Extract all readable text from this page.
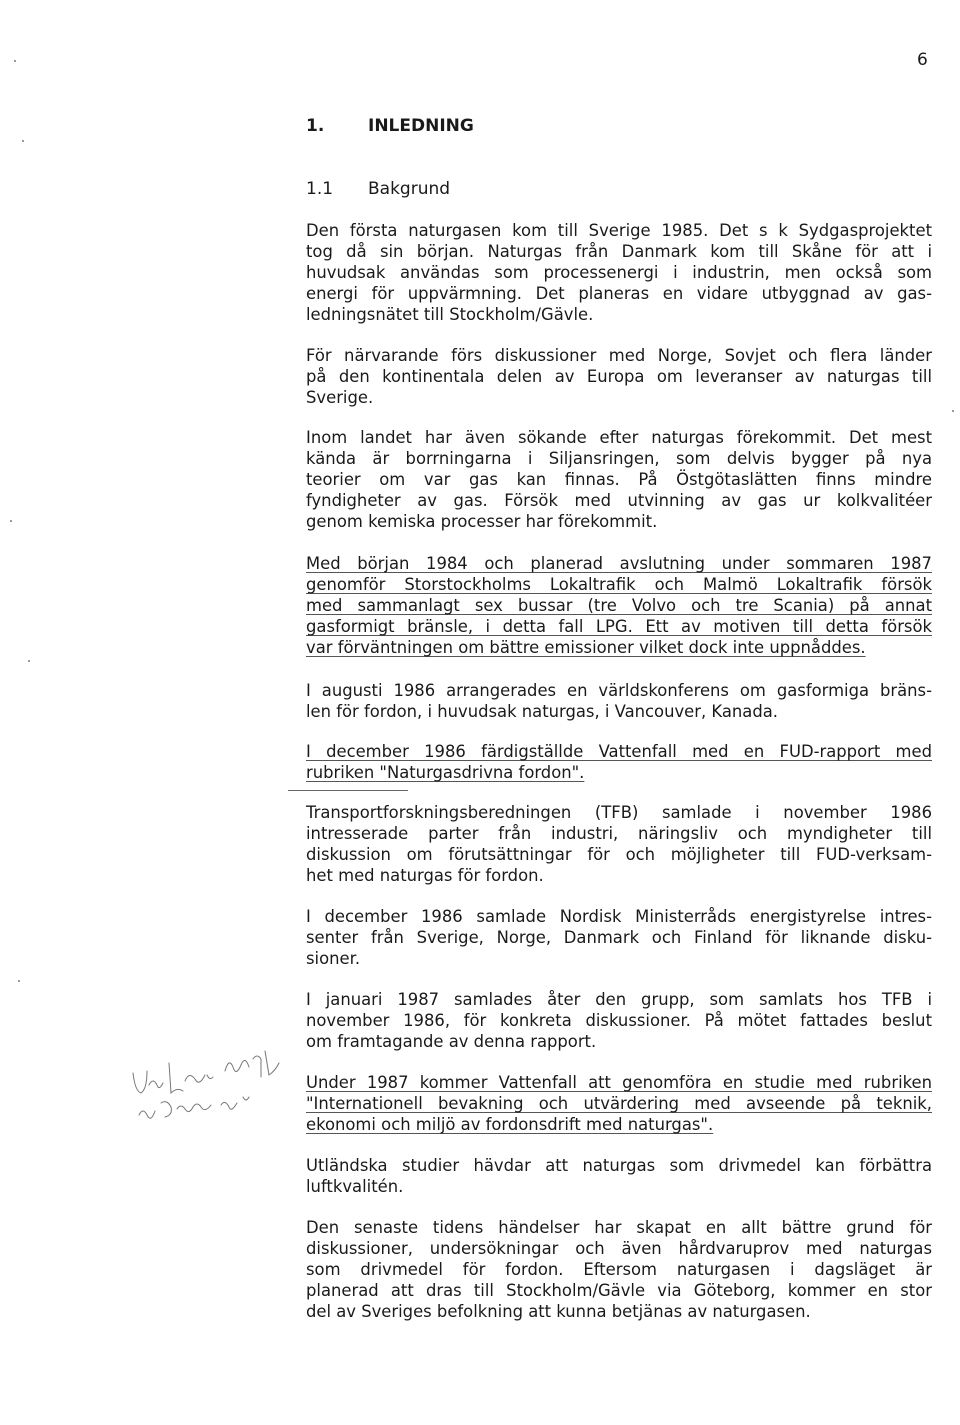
6
1.	INLEDNING
1.1 Bakgrund

Den första naturgasen kom till Sverige 1985. Det s k Sydgasprojektet
tog då sin början. Naturgas från Danmark kom till Skåne för att i
huvudsak användas som processenergi i industrin, men också som
energi för uppvärmning. Det planeras en vidare utbyggnad av gas-
ledningsnätet till Stockholm/Gävle.

För närvarande förs diskussioner med Norge, Sovjet och flera länder
på den kontinentala delen av Europa om leveranser av naturgas till
Sverige.

Inom landet har även sökande efter naturgas förekommit. Det mest
kända är borrningarna i Siljansringen, som delvis bygger på nya
teorier om var gas kan finnas. På Östgötaslätten finns mindre
fyndigheter av gas. Försök med utvinning av gas ur kolkvalitéer
genom kemiska processer har förekommit.

Med början 1984 och planerad avslutning under sommaren 1987
genomför Storstockholms Lokaltrafik och Malmö Lokaltrafik försök
med sammanlagt sex bussar (tre Volvo och tre Scania) på annat
gasformigt bränsle, i detta fall LPG. Ett av motiven till detta försök
var förväntningen om bättre emissioner vilket dock inte uppnåddes.

I augusti 1986 arrangerades en världskonferens om gasformiga bräns-
len för fordon, i huvudsak naturgas, i Vancouver, Kanada.

I december 1986 färdigställde Vattenfall med en FUD-rapport med
rubriken "Naturgasdrivna fordon".

Transportforskningsberedningen (TFB) samlade i november 1986
intresserade parter från industri, näringsliv och myndigheter till
diskussion om förutsättningar för och möjligheter till FUD-verksam-
het med naturgas för fordon.

I december 1986 samlade Nordisk Ministerråds energistyrelse intres-
senter från Sverige, Norge, Danmark och Finland för liknande disku-
sioner.

I januari 1987 samlades åter den grupp, som samlats hos TFB i
november 1986, för konkreta diskussioner. På mötet fattades beslut
om framtagande av denna rapport.

Under 1987 kommer Vattenfall att genomföra en studie med rubriken
"Internationell bevakning och utvärdering med avseende på teknik,
ekonomi och miljö av fordonsdrift med naturgas".

Utländska studier hävdar att naturgas som drivmedel kan förbättra
luftkvalitén.

Den senaste tidens händelser har skapat en allt bättre grund för
diskussioner, undersökningar och även hårdvaruprov med naturgas
som drivmedel för fordon. Eftersom naturgasen i dagsläget är
planerad att dras till Stockholm/Gävle via Göteborg, kommer en stor
del av Sveriges befolkning att kunna betjänas av naturgasen.
